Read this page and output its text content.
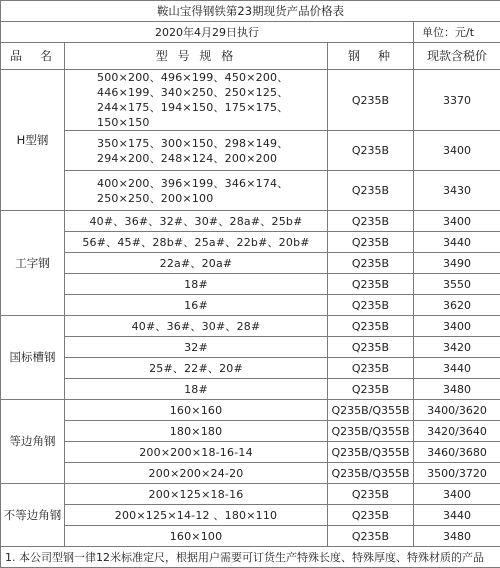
鞍山宝得钢铁第23期现货产品价格表			
2020年4月29日执行			单位：元/t
品　名	型 号 规 格	钢　种	现款含税价
H型钢	500×200、496×199、450×200、446×199、340×250、250×125、244×175、194×150、175×175、150×150	Q235B	3370
	350×175、300×150、298×149、294×200、248×124、200×200	Q235B	3400
	400×200、396×199、346×174、250×250、200×100	Q235B	3430
工字钢	40#、36#、32#、30#、28a#、25b#	Q235B	3400
	56#、45#、28b#、25a#、22b#、20b#	Q235B	3440
	22a#、20a#	Q235B	3490
	18#	Q235B	3550
	16#	Q235B	3620
国标槽钢	40#、36#、30#、28#	Q235B	3400
	32#	Q235B	3420
	25#、22#、20#	Q235B	3440
	18#	Q235B	3480
等边角钢	160×160	Q235B/Q355B	3400/3620
	180×180	Q235B/Q355B	3420/3640
	200×200×18-16-14	Q235B/Q355B	3460/3680
	200×200×24-20	Q235B/Q355B	3500/3720
不等边角钢	200×125×18-16	Q235B	3400
	200×125×14-12 、180×110	Q235B	3440
	160×100	Q235B	3480
1. 本公司型钢一律12米标准定尺，根据用户需要可订货生产特殊长度、特殊厚度、特殊材质的产品			
